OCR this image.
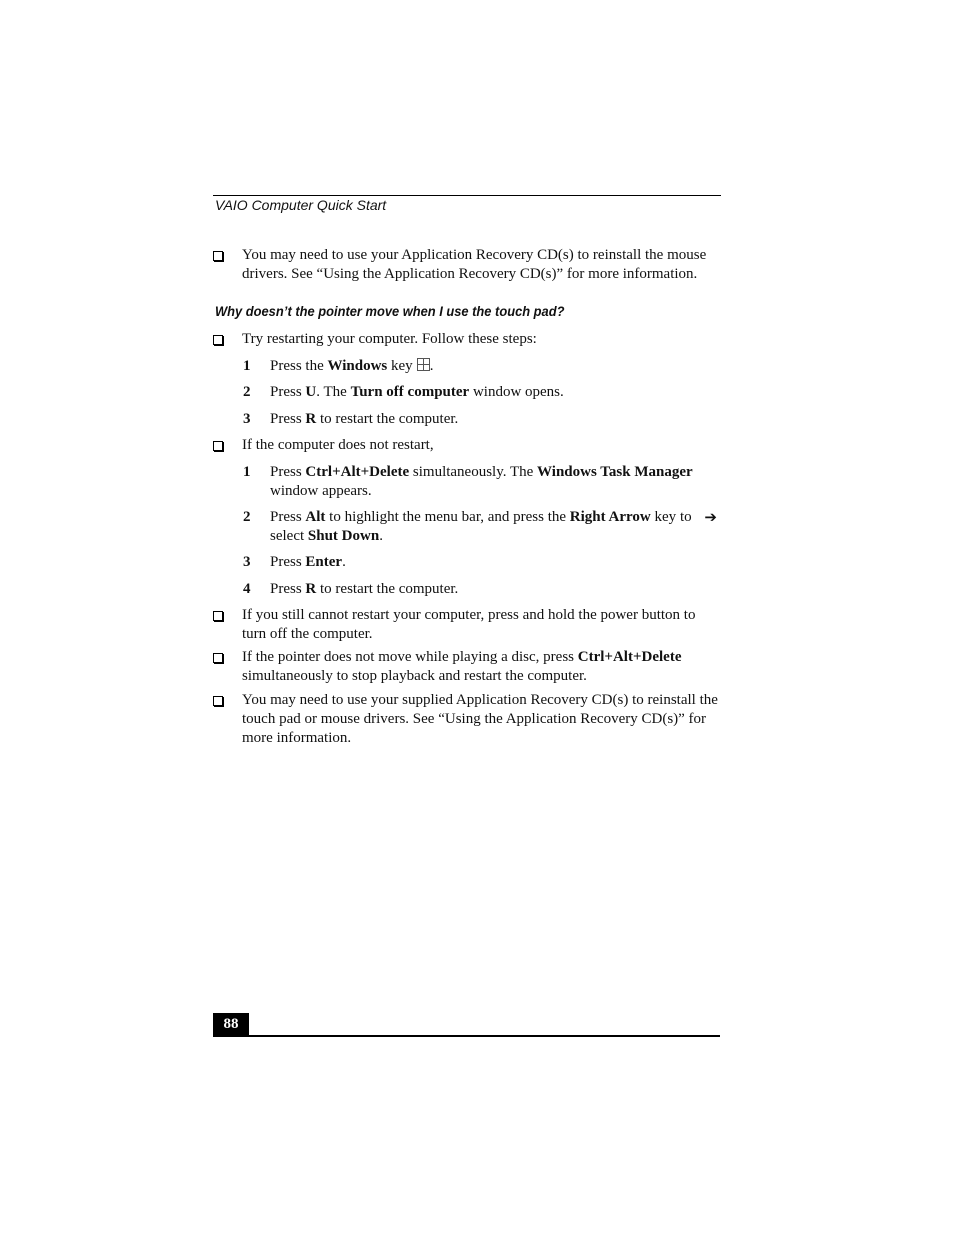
VAIO Computer Quick Start
You may need to use your Application Recovery CD(s) to reinstall the mouse drivers. See “Using the Application Recovery CD(s)” for more information.
Why doesn’t the pointer move when I use the touch pad?
Try restarting your computer. Follow these steps:
1 Press the Windows key .
2 Press U. The Turn off computer window opens.
3 Press R to restart the computer.
If the computer does not restart,
1 Press Ctrl+Alt+Delete simultaneously. The Windows Task Manager window appears.
2	➔
Press Alt to highlight the menu bar, and press the Right Arrow key to select Shut Down.
3 Press Enter.
4 Press R to restart the computer.
If you still cannot restart your computer, press and hold the power button to turn off the computer.
If the pointer does not move while playing a disc, press Ctrl+Alt+Delete simultaneously to stop playback and restart the computer.
You may need to use your supplied Application Recovery CD(s) to reinstall the touch pad or mouse drivers. See “Using the Application Recovery CD(s)” for more information.
88
